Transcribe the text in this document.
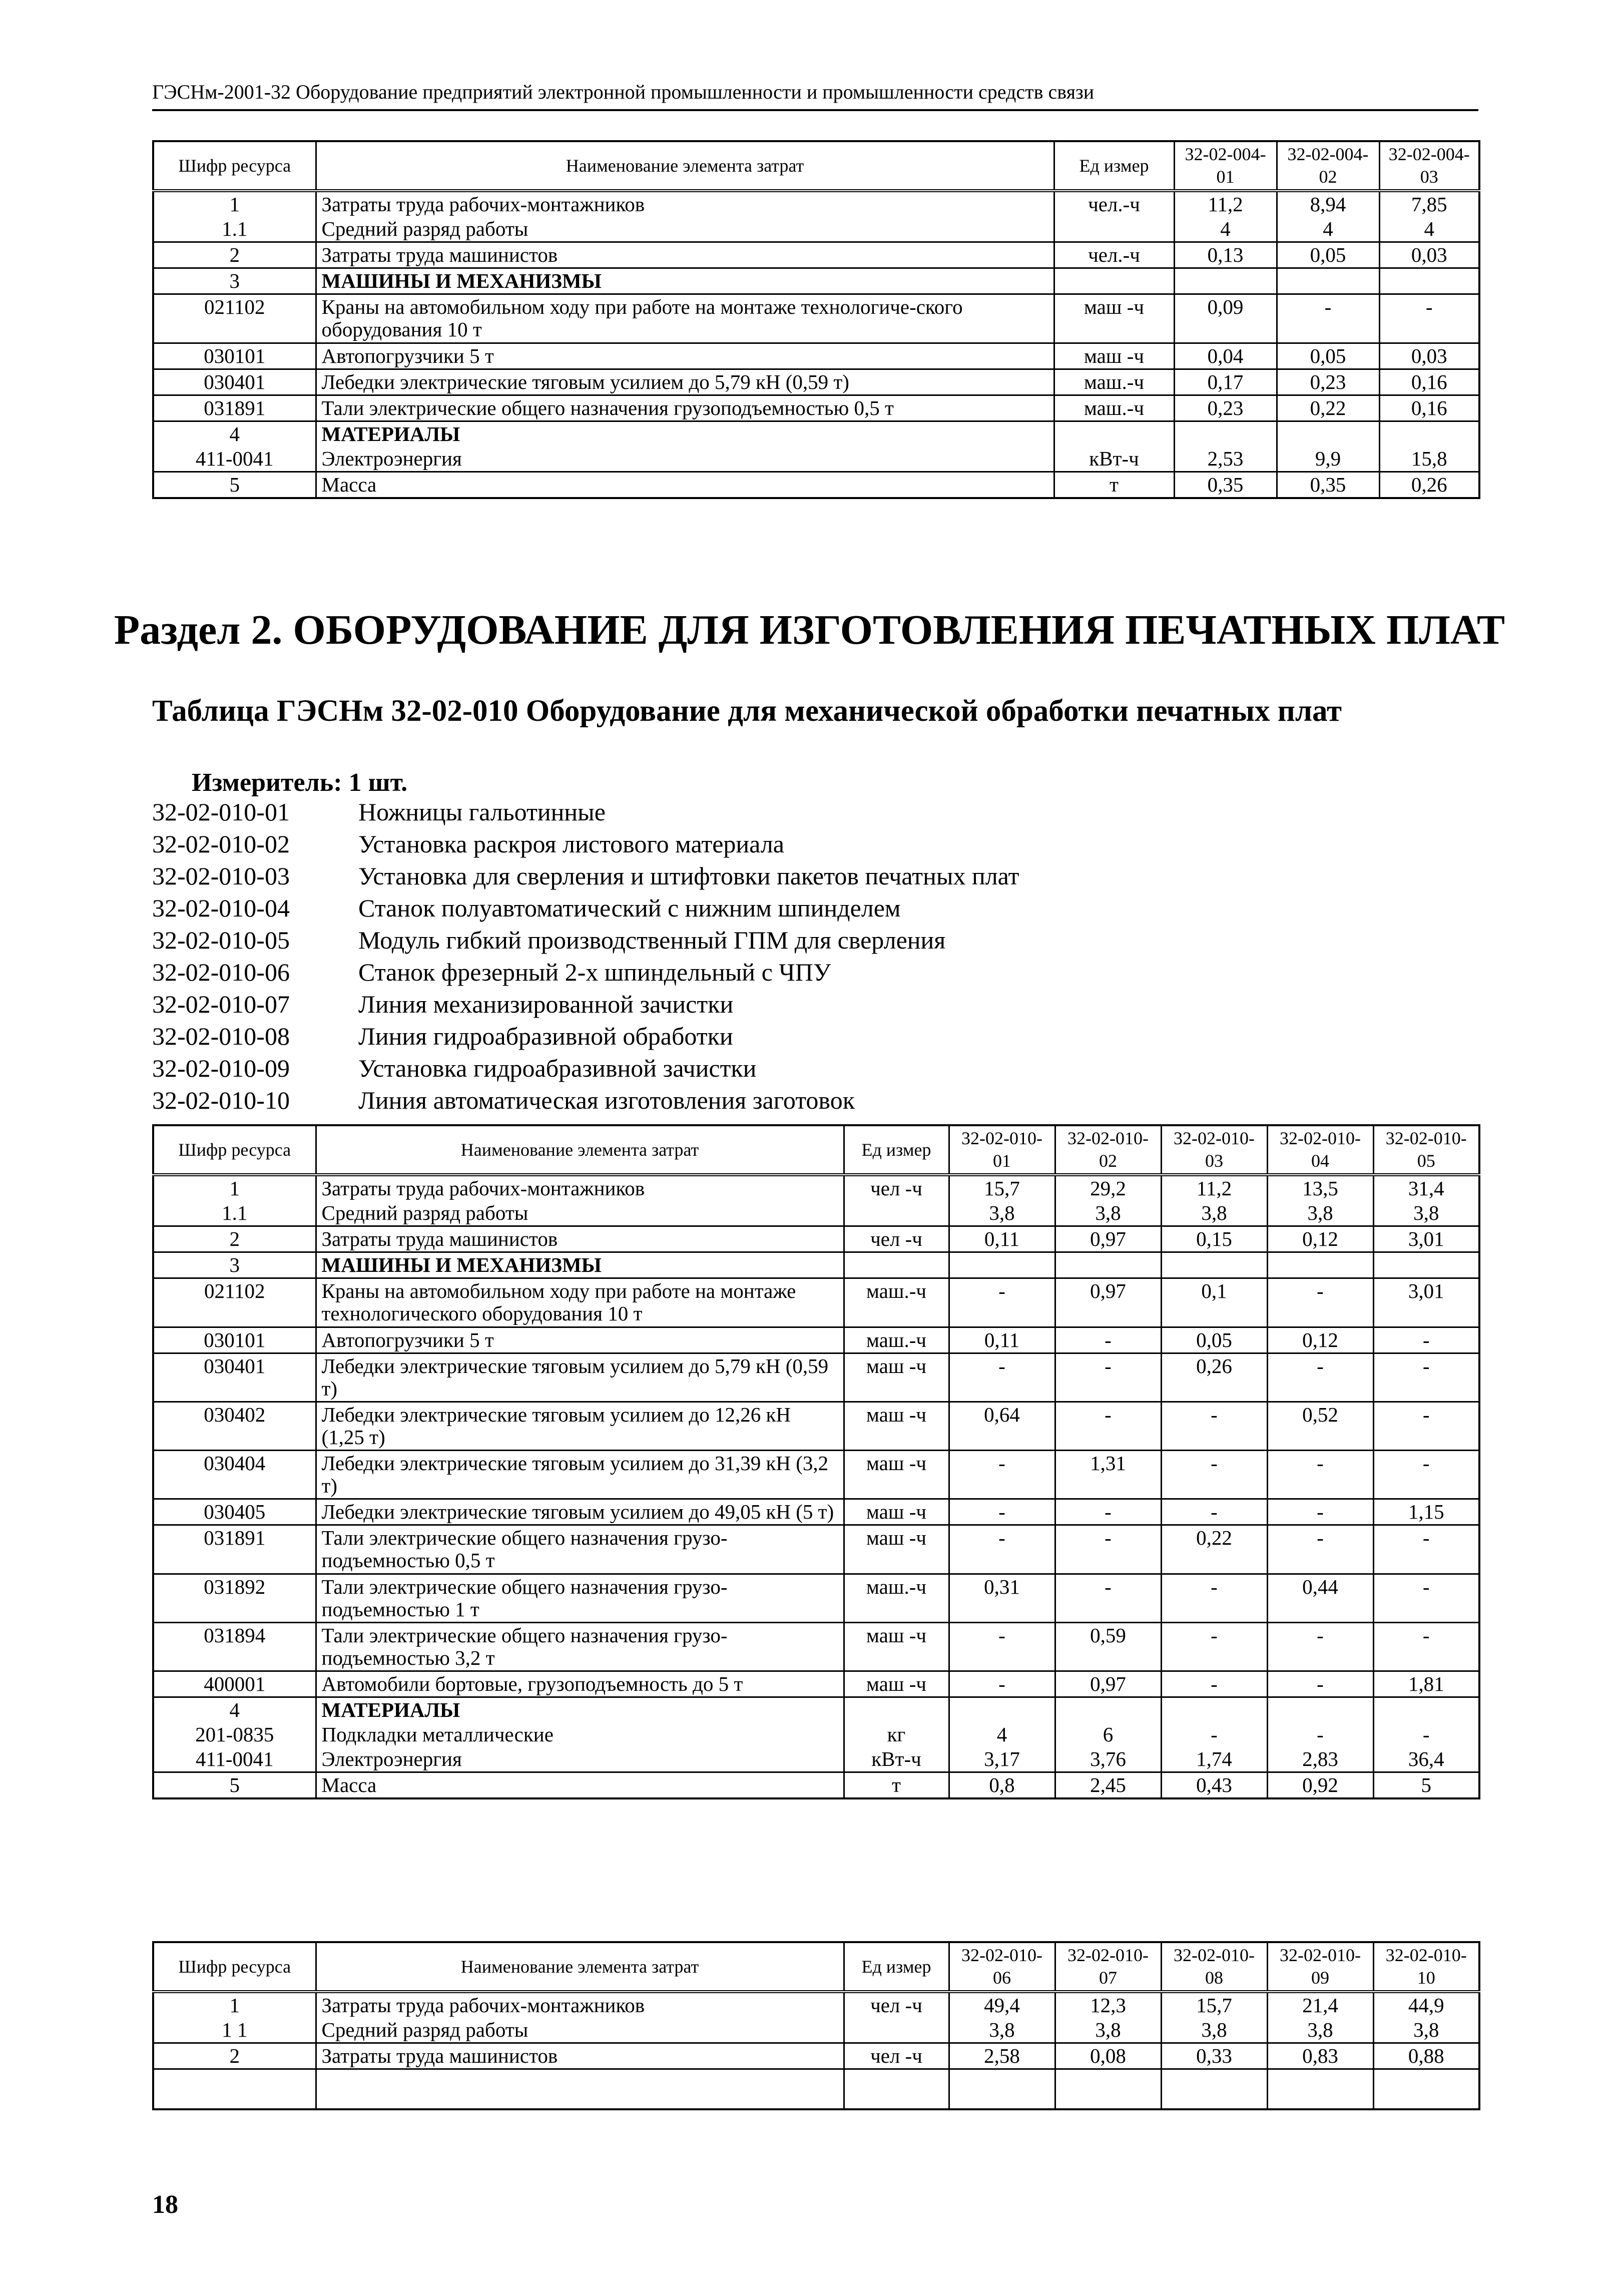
ГЭСНм-2001-32 Оборудование предприятий электронной промышленности и промышленности средств связи
Шифр ресурса	Наименование элемента затрат	Ед измер	32-02-004-01	32-02-004-02	32-02-004-03
1	Затраты труда рабочих-монтажников	чел.-ч	11,2	8,94	7,85
1.1	Средний разряд работы		4	4	4
2	Затраты труда машинистов	чел.-ч	0,13	0,05	0,03
3	МАШИНЫ И МЕХАНИЗМЫ				
021102	Краны на автомобильном ходу при работе на монтаже технологиче-ского оборудования 10 т	маш -ч	0,09	-	-
030101	Автопогрузчики 5 т	маш -ч	0,04	0,05	0,03
030401	Лебедки электрические тяговым усилием до 5,79 кН (0,59 т)	маш.-ч	0,17	0,23	0,16
031891	Тали электрические общего назначения грузоподъемностью 0,5 т	маш.-ч	0,23	0,22	0,16
4	МАТЕРИАЛЫ				
411-0041	Электроэнергия	кВт-ч	2,53	9,9	15,8
5	Масса	т	0,35	0,35	0,26
Раздел 2. ОБОРУДОВАНИЕ ДЛЯ ИЗГОТОВЛЕНИЯ ПЕЧАТНЫХ ПЛАТ
Таблица ГЭСНм 32-02-010 Оборудование для механической обработки печатных плат
Измеритель: 1 шт.
32-02-010-01	Ножницы гальотинные
32-02-010-02	Установка раскроя листового материала
32-02-010-03	Установка для сверления и штифтовки пакетов печатных плат
32-02-010-04	Станок полуавтоматический с нижним шпинделем
32-02-010-05	Модуль гибкий производственный ГПМ для сверления
32-02-010-06	Станок фрезерный 2-х шпиндельный с ЧПУ
32-02-010-07	Линия механизированной зачистки
32-02-010-08	Линия гидроабразивной обработки
32-02-010-09	Установка гидроабразивной зачистки
32-02-010-10	Линия автоматическая изготовления заготовок
Шифр ресурса	Наименование элемента затрат	Ед измер	32-02-010-01	32-02-010-02	32-02-010-03	32-02-010-04	32-02-010-05
1	Затраты труда рабочих-монтажников	чел -ч	15,7	29,2	11,2	13,5	31,4
1.1	Средний разряд работы		3,8	3,8	3,8	3,8	3,8
2	Затраты труда машинистов	чел -ч	0,11	0,97	0,15	0,12	3,01
3	МАШИНЫ И МЕХАНИЗМЫ						
021102	Краны на автомобильном ходу при работе на монтаже технологического оборудования 10 т	маш.-ч	-	0,97	0,1	-	3,01
030101	Автопогрузчики 5 т	маш.-ч	0,11	-	0,05	0,12	-
030401	Лебедки электрические тяговым усилием до 5,79 кН (0,59 т)	маш -ч	-	-	0,26	-	-
030402	Лебедки электрические тяговым усилием до 12,26 кН (1,25 т)	маш -ч	0,64	-	-	0,52	-
030404	Лебедки электрические тяговым усилием до 31,39 кН (3,2 т)	маш -ч	-	1,31	-	-	-
030405	Лебедки электрические тяговым усилием до 49,05 кН (5 т)	маш -ч	-	-	-	-	1,15
031891	Тали электрические общего назначения грузо-подъемностью 0,5 т	маш -ч	-	-	0,22	-	-
031892	Тали электрические общего назначения грузо-подъемностью 1 т	маш.-ч	0,31	-	-	0,44	-
031894	Тали электрические общего назначения грузо-подъемностью 3,2 т	маш -ч	-	0,59	-	-	-
400001	Автомобили бортовые, грузоподъемность до 5 т	маш -ч	-	0,97	-	-	1,81
4	МАТЕРИАЛЫ						
201-0835	Подкладки металлические	кг	4	6	-	-	-
411-0041	Электроэнергия	кВт-ч	3,17	3,76	1,74	2,83	36,4
5	Масса	т	0,8	2,45	0,43	0,92	5
Шифр ресурса	Наименование элемента затрат	Ед измер	32-02-010-06	32-02-010-07	32-02-010-08	32-02-010-09	32-02-010-10
1	Затраты труда рабочих-монтажников	чел -ч	49,4	12,3	15,7	21,4	44,9
1 1	Средний разряд работы		3,8	3,8	3,8	3,8	3,8
2	Затраты труда машинистов	чел -ч	2,58	0,08	0,33	0,83	0,88

18
